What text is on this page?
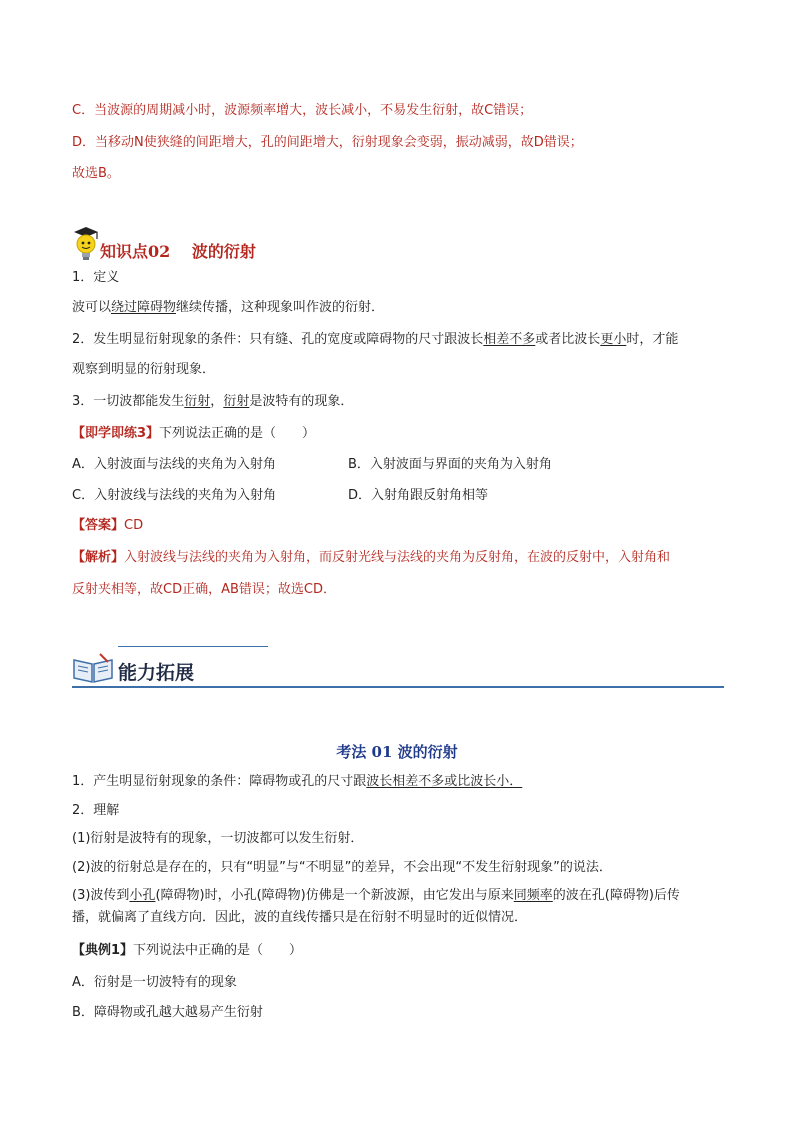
C．当波源的周期减小时，波源频率增大，波长减小，不易发生衍射，故C错误；
D．当移动N使狭缝的间距增大，孔的间距增大，衍射现象会变弱，振动减弱，故D错误；
故选B。
知识点02　 波的衍射
1．定义
波可以绕过障碍物继续传播，这种现象叫作波的衍射．
2．发生明显衍射现象的条件：只有缝、孔的宽度或障碍物的尺寸跟波长相差不多或者比波长更小时，才能
观察到明显的衍射现象．
3．一切波都能发生衍射，衍射是波特有的现象．
【即学即练3】下列说法正确的是（　　）
A．入射波面与法线的夹角为入射角	B．入射波面与界面的夹角为入射角
C．入射波线与法线的夹角为入射角	D．入射角跟反射角相等
【答案】CD
【解析】入射波线与法线的夹角为入射角，而反射光线与法线的夹角为反射角，在波的反射中，入射角和
反射夹相等，故CD正确，AB错误；故选CD．
能力拓展
考法 01 波的衍射
1．产生明显衍射现象的条件：障碍物或孔的尺寸跟波长相差不多或比波长小．
2．理解
(1)衍射是波特有的现象，一切波都可以发生衍射．
(2)波的衍射总是存在的，只有“明显”与“不明显”的差异，不会出现“不发生衍射现象”的说法．
(3)波传到小孔(障碍物)时，小孔(障碍物)仿佛是一个新波源，由它发出与原来同频率的波在孔(障碍物)后传
播，就偏离了直线方向．因此，波的直线传播只是在衍射不明显时的近似情况．
【典例1】下列说法中正确的是（　　）
A．衍射是一切波特有的现象
B．障碍物或孔越大越易产生衍射
